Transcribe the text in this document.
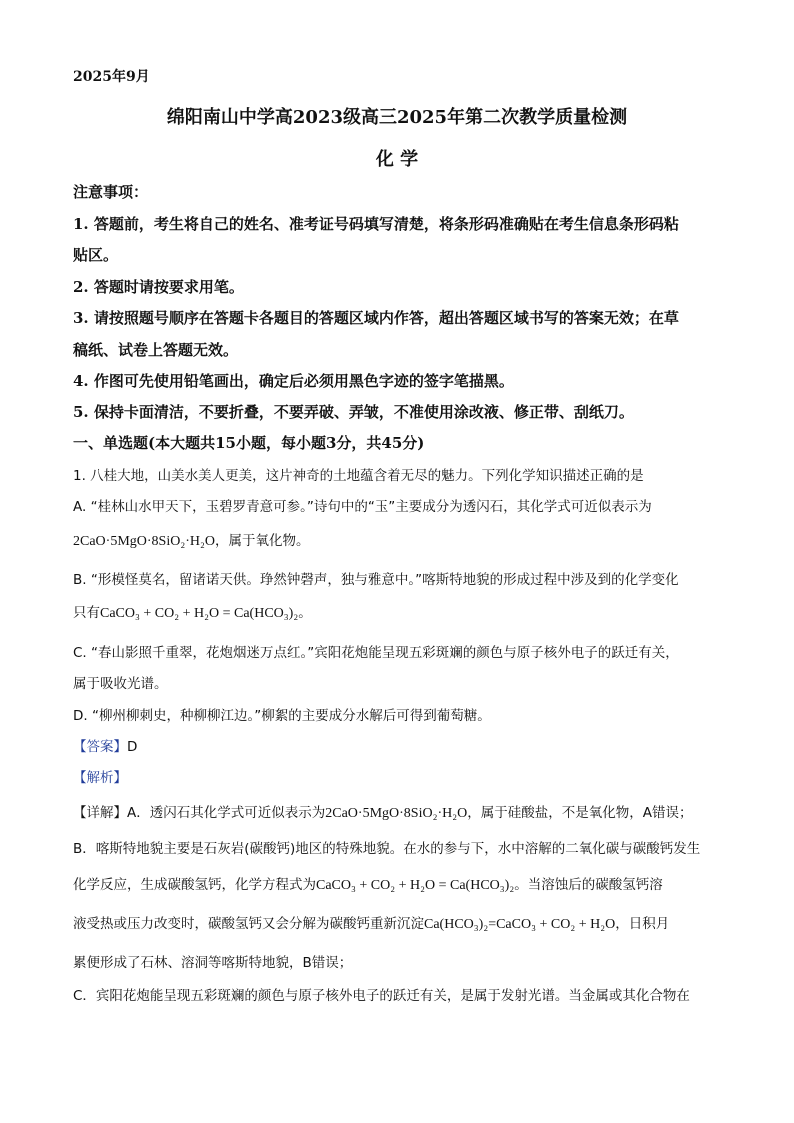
2025年9月
绵阳南山中学高2023级高三2025年第二次教学质量检测
化 学
注意事项：
1. 答题前，考生将自己的姓名、准考证号码填写清楚，将条形码准确贴在考生信息条形码粘
贴区。
2. 答题时请按要求用笔。
3. 请按照题号顺序在答题卡各题目的答题区域内作答，超出答题区域书写的答案无效；在草
稿纸、试卷上答题无效。
4. 作图可先使用铅笔画出，确定后必须用黑色字迹的签字笔描黑。
5. 保持卡面清洁，不要折叠，不要弄破、弄皱，不准使用涂改液、修正带、刮纸刀。
一、单选题(本大题共15小题，每小题3分，共45分)
1. 八桂大地，山美水美人更美，这片神奇的土地蕴含着无尽的魅力。下列化学知识描述正确的是
A. “桂林山水甲天下，玉碧罗青意可参。”诗句中的“玉”主要成分为透闪石，其化学式可近似表示为
2CaO·5MgO·8SiO₂·H₂O，属于氧化物。
B. “形模怪莫名，留诸诺天供。琤然钟磬声，独与雅意中。”喀斯特地貌的形成过程中涉及到的化学变化
只有CaCO₃ + CO₂ + H₂O = Ca(HCO₃)₂。
C. “春山影照千重翠，花炮烟迷万点红。”宾阳花炮能呈现五彩斑斓的颜色与原子核外电子的跃迁有关，
属于吸收光谱。
D. “柳州柳刺史，种柳柳江边。”柳絮的主要成分水解后可得到葡萄糖。
【答案】D
【解析】
【详解】A．透闪石其化学式可近似表示为2CaO·5MgO·8SiO₂·H₂O，属于硅酸盐，不是氧化物，A错误；
B．喀斯特地貌主要是石灰岩(碳酸钙)地区的特殊地貌。在水的参与下，水中溶解的二氧化碳与碳酸钙发生
化学反应，生成碳酸氢钙，化学方程式为CaCO₃ + CO₂ + H₂O = Ca(HCO₃)₂。当溶蚀后的碳酸氢钙溶
液受热或压力改变时，碳酸氢钙又会分解为碳酸钙重新沉淀Ca(HCO₃)₂=CaCO₃ + CO₂ + H₂O，日积月
累便形成了石林、溶洞等喀斯特地貌，B错误；
C．宾阳花炮能呈现五彩斑斓的颜色与原子核外电子的跃迁有关，是属于发射光谱。当金属或其化合物在
